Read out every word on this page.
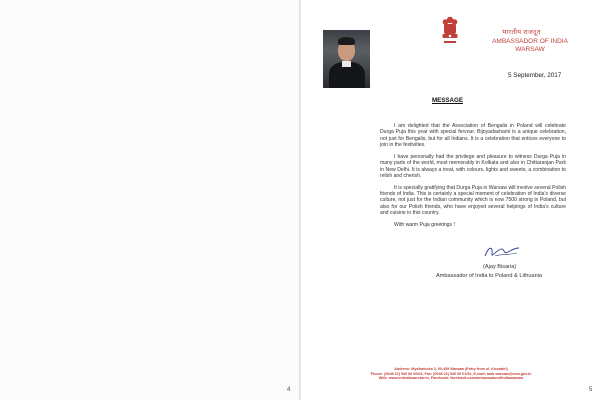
भारतीय राजदूत
AMBASSADOR OF INDIA
WARSAW
5 September, 2017
MESSAGE

I am delighted that the Association of Bengalis in Poland will celebrate Durga Puja this year with special fervour. Bijoyadashami is a unique celebration, not just for Bengalis, but for all Indians. It is a celebration that entices everyone to join in the festivities.

I have personally had the privilege and pleasure to witness Durga Puja in many parts of the world, most memorably in Kolkata and also in Chittaranjan Park in New Delhi. It is always a treat, with colours, lights and sweets, a combination to relish and cherish.

It is specially gratifying that Durga Puja in Warsaw will involve several Polish friends of India. This is certainly a special moment of celebration of India’s diverse culture, not just for the Indian community which is now 7500 strong in Poland, but also for our Polish friends, who have enjoyed several helpings of India’s culture and cuisine in this country.

With warm Puja greetings !

(Ajay Bisaria)
Ambassador of India to Poland & Lithuania
Address: Mysliwiecka 3, 00-459 Warsaw (Entry from ul. Koszalni)
Phone: (0048 22) 540 00 00/04, Fax: (0048 22) 540 00 01/02, E-mail: amb.warsaw@mea.gov.in
Web: www.indembwarsaw.in, Facebook: facebook.com/ambassadorofindiawarsaw
4	5
